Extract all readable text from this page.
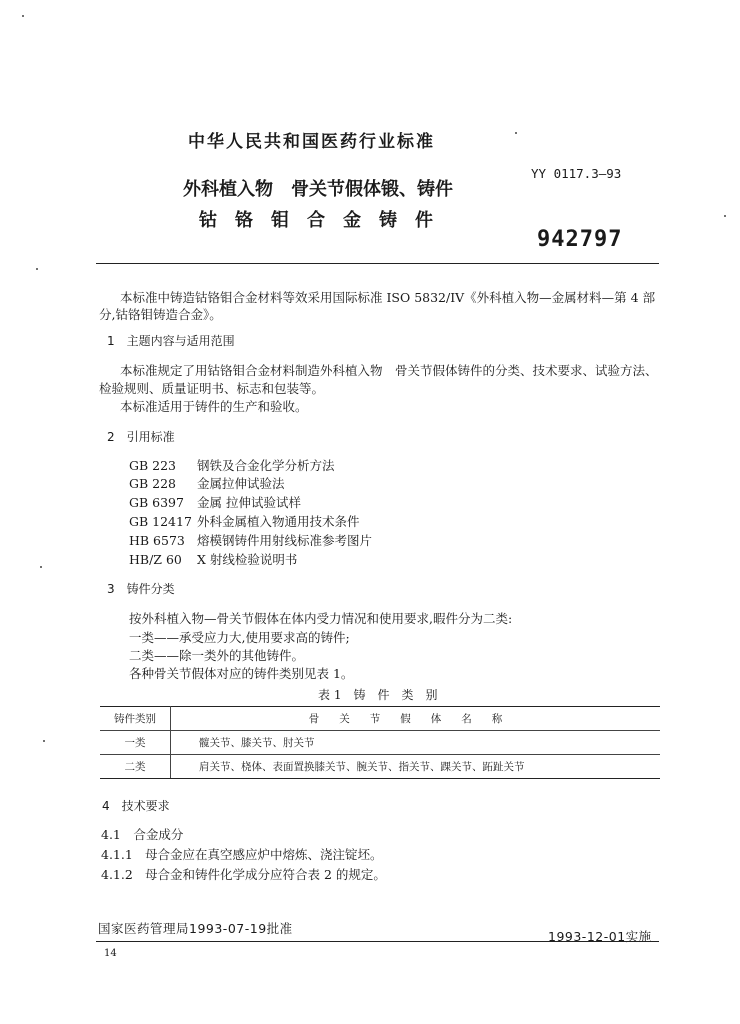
中华人民共和国医药行业标准
YY 0117.3—93
外科植入物　骨关节假体锻、铸件
钴　铬　钼　合　金　铸　件
942797
本标准中铸造钴铬钼合金材料等效采用国际标准 ISO 5832/IV《外科植入物—金属材料—第 4 部
分,钴铬钼铸造合金》。
1　主题内容与适用范围
本标准规定了用钴铬钼合金材料制造外科植入物　骨关节假体铸件的分类、技术要求、试验方法、
检验规则、质量证明书、标志和包装等。
本标准适用于铸件的生产和验收。
2　引用标准
GB 223 钢铁及合金化学分析方法
GB 228 金属拉伸试验法
GB 6397 金属 拉伸试验试样
GB 12417 外科金属植入物通用技术条件
HB 6573 熔模钢铸件用射线标准参考图片
HB/Z 60 X 射线检验说明书
3　铸件分类
按外科植入物—骨关节假体在体内受力情况和使用要求,暇件分为二类:
一类——承受应力大,使用要求高的铸件;
二类——除一类外的其他铸件。
各种骨关节假体对应的铸件类别见表 1。
表 1　铸　件　类　别
铸件类别	骨关节假体名称
一类	髋关节、膝关节、肘关节
二类	肩关节、桡体、表面置换膝关节、腕关节、指关节、踝关节、跖趾关节
4　技术要求
4.1　合金成分
4.1.1 母合金应在真空感应炉中熔炼、浇注锭坯。
4.1.2 母合金和铸件化学成分应符合表 2 的规定。
国家医药管理局1993-07-19批准
1993-12-01实施
14
